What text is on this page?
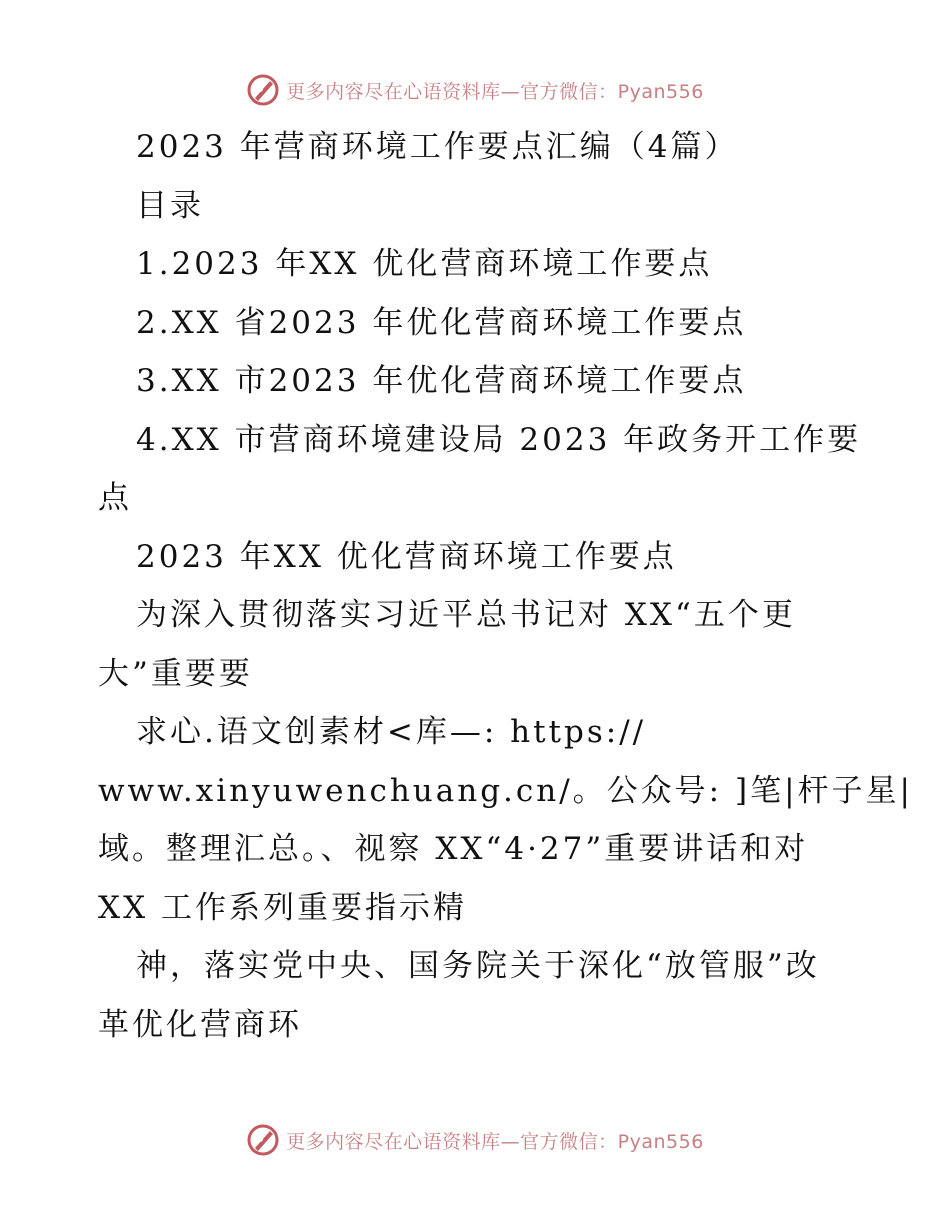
更多内容尽在心语资料库—官方微信：Pyan556

2023 年营商环境工作要点汇编（4篇）

目录

1.2023 年XX 优化营商环境工作要点

2.XX 省2023 年优化营商环境工作要点

3.XX 市2023 年优化营商环境工作要点

4.XX 市营商环境建设局 2023 年政务开工作要

点

2023 年XX 优化营商环境工作要点

为深入贯彻落实习近平总书记对 XX“五个更

大”重要要

求心.语文创素材<库—: https://

www.xinyuwenchuang.cn/。公众号: ]笔|杆子星|

域。整理汇总。、视察 XX“4·27”重要讲话和对

XX 工作系列重要指示精

神，落实党中央、国务院关于深化“放管服”改

革优化营商环

更多内容尽在心语资料库—官方微信：Pyan556
